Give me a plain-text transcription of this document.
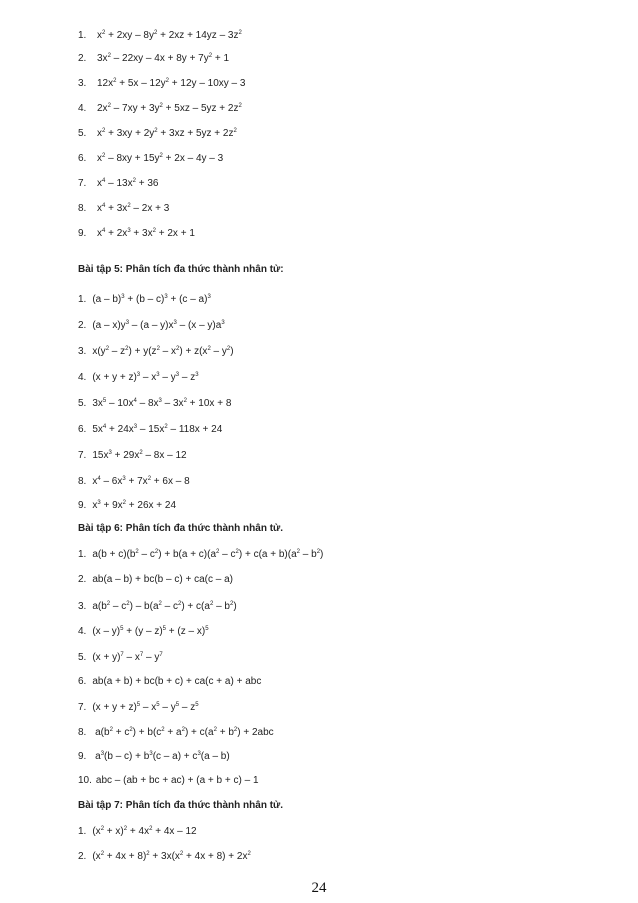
1. $x^2 + 2xy - 8y^2 + 2xz + 14yz - 3z^2$
2. $3x^2 - 22xy - 4x + 8y + 7y^2 + 1$
3. $12x^2 + 5x - 12y^2 + 12y - 10xy - 3$
4. $2x^2 - 7xy + 3y^2 + 5xz - 5yz + 2z^2$
5. $x^2 + 3xy + 2y^2 + 3xz + 5yz + 2z^2$
6. $x^2 - 8xy + 15y^2 + 2x - 4y - 3$
7. $x^4 - 13x^2 + 36$
8. $x^4 + 3x^2 - 2x + 3$
9. $x^4 + 2x^3 + 3x^2 + 2x + 1$
Bài tập 5: Phân tích đa thức thành nhân tử:
1. (a – b)$^3$ + (b – c)$^3$ + (c – a)$^3$
2. $(a - x)y^3 - (a - y)x^3 - (x - y)a^3$
3. $x(y^2 - z^2) + y(z^2 - x^2) + z(x^2 - y^2)$
4. $(x + y + z)^3 - x^3 - y^3 - z^3$
5. $3x^5 - 10x^4 - 8x^3 - 3x^2 + 10x + 8$
6. $5x^4 + 24x^3 - 15x^2 - 118x + 24$
7. $15x^3 + 29x^2 - 8x - 12$
8. $x^4 - 6x^3 + 7x^2 + 6x - 8$
9. $x^3 + 9x^2 + 26x + 24$
Bài tập 6: Phân tích đa thức thành nhân tử.
1. $a(b + c)(b^2 - c^2) + b(a + c)(a^2 - c^2) + c(a + b)(a^2 - b^2)$
2. ab(a – b) + bc(b – c) + ca(c – a)
3. $a(b^2 - c^2) - b(a^2 - c^2) + c(a^2 - b^2)$
4. (x – y)$^5$ + (y – z)$^5$ + (z – x)$^5$
5. $(x + y)^7 - x^7 - y^7$
6. ab(a + b) + bc(b + c) + ca(c + a) + abc
7. $(x + y + z)^5 - x^5 - y^5 - z^5$
8. $a(b^2 + c^2) + b(c^2 + a^2) + c(a^2 + b^2) + 2abc$
9. $a^3(b - c) + b^3(c - a) + c^3(a - b)$
10. abc – (ab + bc + ac) + (a + b + c) – 1
Bài tập 7: Phân tích đa thức thành nhân tử.
1. $(x^2 + x)^2 + 4x^2 + 4x - 12$
2. $(x^2 + 4x + 8)^2 + 3x(x^2 + 4x + 8) + 2x^2$
24
